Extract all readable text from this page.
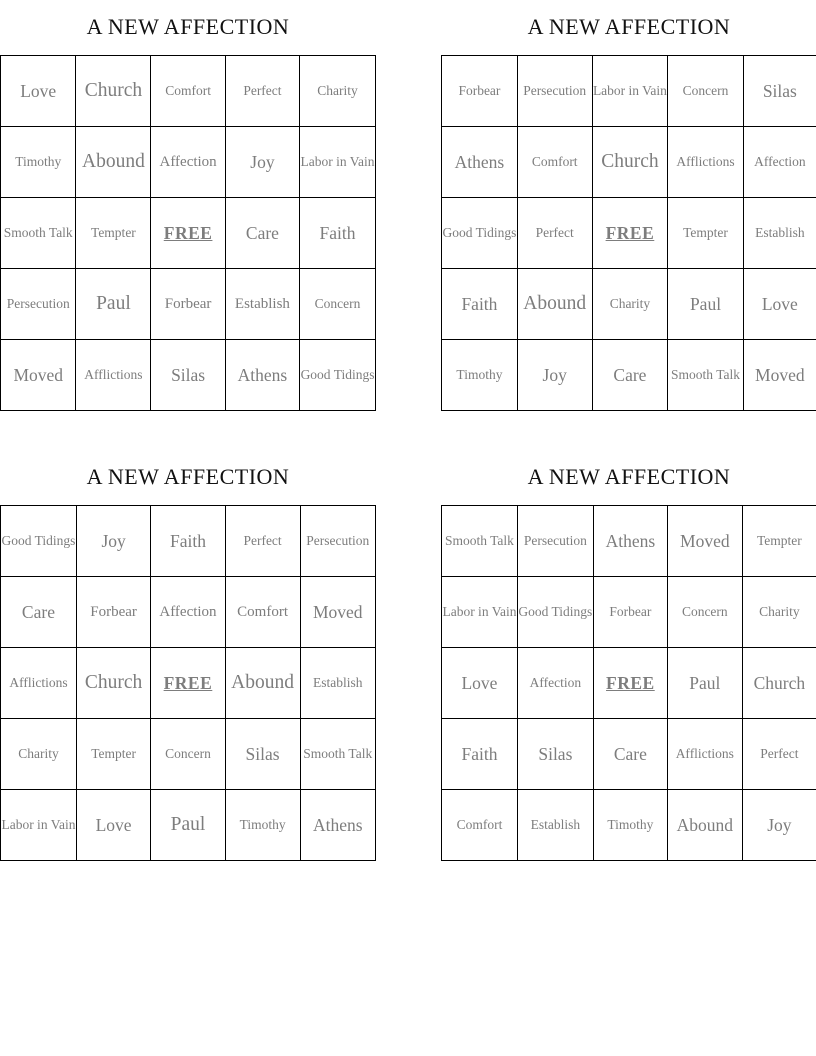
A NEW AFFECTION
Love	Church	Comfort	Perfect	Charity
Timothy	Abound	Affection	Joy	Labor in Vain
Smooth Talk	Tempter	FREE	Care	Faith
Persecution	Paul	Forbear	Establish	Concern
Moved	Afflictions	Silas	Athens	Good Tidings
A NEW AFFECTION
Forbear	Persecution	Labor in Vain	Concern	Silas
Athens	Comfort	Church	Afflictions	Affection
Good Tidings	Perfect	FREE	Tempter	Establish
Faith	Abound	Charity	Paul	Love
Timothy	Joy	Care	Smooth Talk	Moved
A NEW AFFECTION
Good Tidings	Joy	Faith	Perfect	Persecution
Care	Forbear	Affection	Comfort	Moved
Afflictions	Church	FREE	Abound	Establish
Charity	Tempter	Concern	Silas	Smooth Talk
Labor in Vain	Love	Paul	Timothy	Athens
A NEW AFFECTION
Smooth Talk	Persecution	Athens	Moved	Tempter
Labor in Vain	Good Tidings	Forbear	Concern	Charity
Love	Affection	FREE	Paul	Church
Faith	Silas	Care	Afflictions	Perfect
Comfort	Establish	Timothy	Abound	Joy
